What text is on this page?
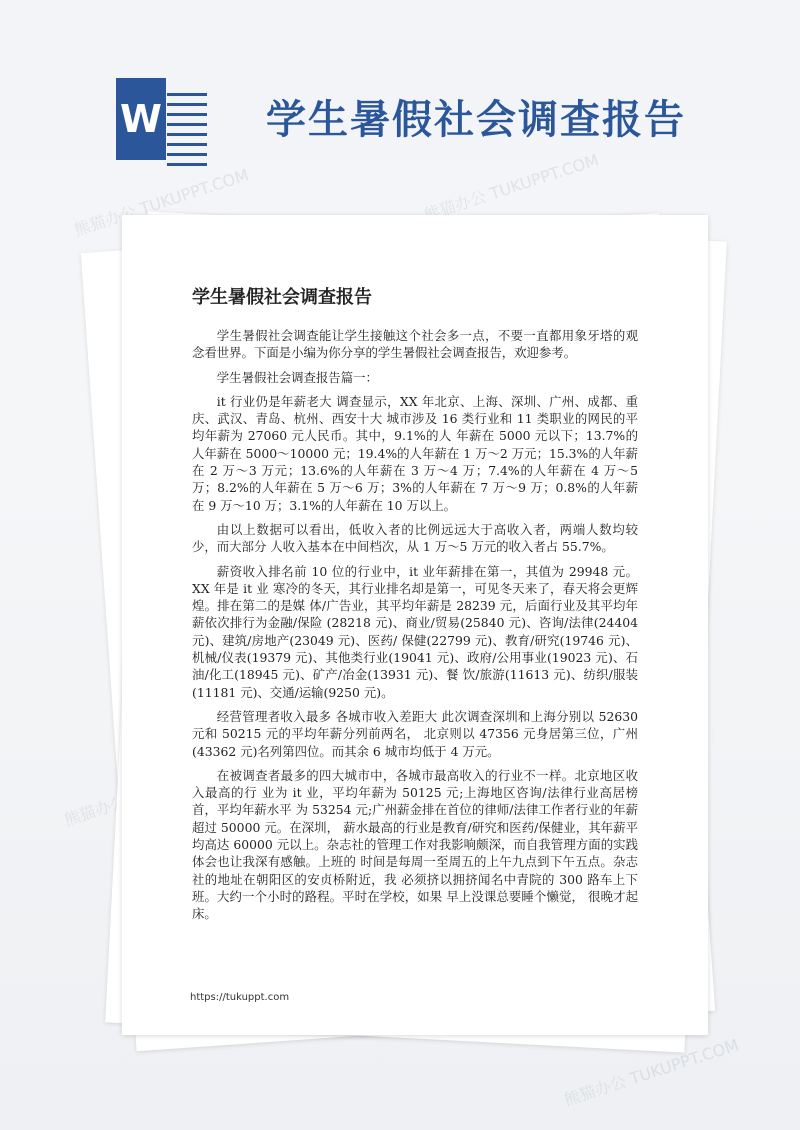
W	学生暑假社会调查报告
学生暑假社会调查报告

学生暑假社会调查能让学生接触这个社会多一点，不要一直都用象牙塔的观念看世界。下面是小编为你分享的学生暑假社会调查报告，欢迎参考。

学生暑假社会调查报告篇一：

it 行业仍是年薪老大 调查显示，XX 年北京、上海、深圳、广州、成都、重庆、武汉、青岛、杭州、西安十大 城市涉及 16 类行业和 11 类职业的网民的平均年薪为 27060 元人民币。其中，9.1%的人 年薪在 5000 元以下；13.7%的人年薪在 5000～10000 元；19.4%的人年薪在 1 万～2 万元；15.3%的人年薪在 2 万～3 万元；13.6%的人年薪在 3 万～4 万；7.4%的人年薪在 4 万～5 万；8.2%的人年薪在 5 万～6 万；3%的人年薪在 7 万～9 万；0.8%的人年薪在 9 万～10 万；3.1%的人年薪在 10 万以上。

由以上数据可以看出，低收入者的比例远远大于高收入者，两端人数均较少，而大部分 人收入基本在中间档次，从 1 万～5 万元的收入者占 55.7%。

薪资收入排名前 10 位的行业中，it 业年薪排在第一，其值为 29948 元。XX 年是 it 业 寒冷的冬天，其行业排名却是第一，可见冬天来了，春天将会更辉煌。排在第二的是媒 体/广告业，其平均年薪是 28239 元，后面行业及其平均年薪依次排行为金融/保险 (28218 元)、商业/贸易(25840 元)、咨询/法律(24404 元)、建筑/房地产(23049 元)、医药/ 保健(22799 元)、教育/研究(19746 元)、机械/仪表(19379 元)、其他类行业(19041 元)、政府/公用事业(19023 元)、石油/化工(18945 元)、矿产/冶金(13931 元)、餐 饮/旅游(11613 元)、纺织/服装(11181 元)、交通/运输(9250 元)。

经营管理者收入最多 各城市收入差距大 此次调查深圳和上海分别以 52630 元和 50215 元的平均年薪分列前两名， 北京则以 47356 元身居第三位，广州(43362 元)名列第四位。而其余 6 城市均低于 4 万元。

在被调查者最多的四大城市中，各城市最高收入的行业不一样。北京地区收入最高的行 业为 it 业，平均年薪为 50125 元;上海地区咨询/法律行业高居榜首，平均年薪水平 为 53254 元;广州薪金排在首位的律师/法律工作者行业的年薪超过 50000 元。在深圳， 薪水最高的行业是教育/研究和医药/保健业，其年薪平均高达 60000 元以上。杂志社的管理工作对我影响颇深，而自我管理方面的实践体会也让我深有感触。上班的 时间是每周一至周五的上午九点到下午五点。杂志社的地址在朝阳区的安贞桥附近，我 必须挤以拥挤闻名中青院的 300 路车上下班。大约一个小时的路程。平时在学校，如果 早上没课总要睡个懒觉， 很晚才起床。

https://tukuppt.com
